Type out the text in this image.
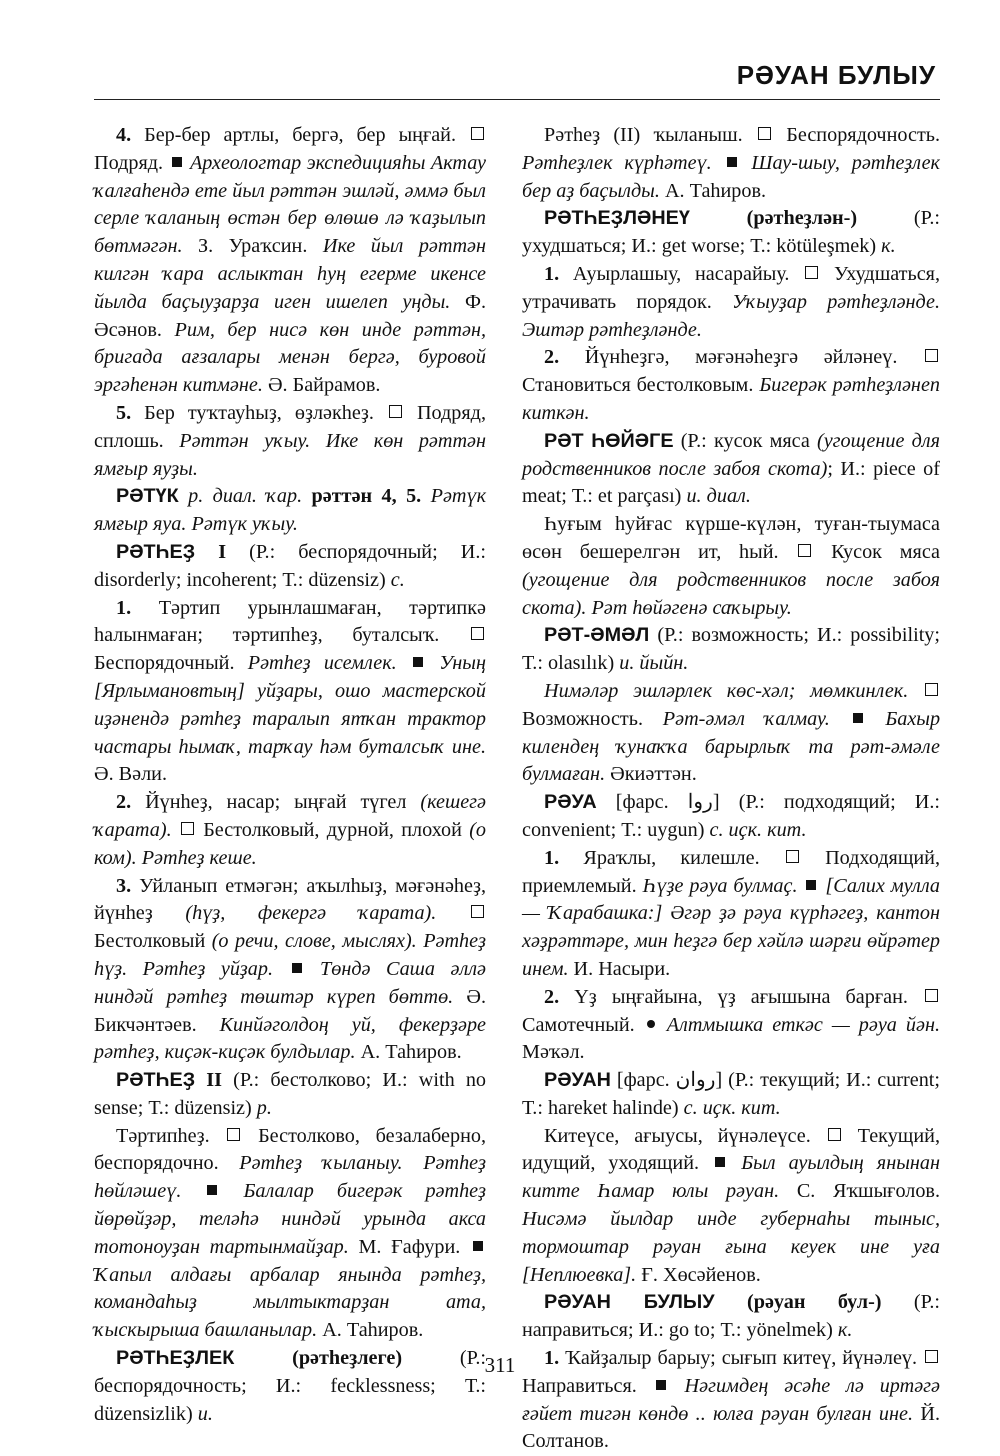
РӘУАН БУЛЫУ

4. Бер-бер артлы, бергә, бер ыңғай.  Подряд. Археологтар экспедицияһы Актау ҡалғаһендә ете йыл рәттән эшләй, әммә был серле ҡаланың өстән бер өлөшө лә ҡаҙылып бөтмәгән. З. Ураҡсин. Ике йыл рәттән килгән ҡара аслыктан һуң егерме икенсе йылда баҫыуҙарҙа иген ишелеп уңды. Ф. Әсәнов. Рим, бер нисә көн инде рәттән, бригада ағзалары менән бергә, буровой эргәһенән китмәне. Ә. Байрамов.

5. Бер туҡтауһыҙ, өҙләкһеҙ. Подряд, сплошь. Рәттән уҡыу. Ике көн рәттән ямғыр яуҙы.

РӘТҮК р. диал. ҡар. рәттән 4, 5. Рәтүк ямғыр яуа. Рәтүк уҡыу.

РӘТҺЕҘ I (Р.: беспорядочный; И.: disorderly; incoherent; Т.: düzensiz) c.

1. Тәртип урынлашмаған, тәртипкә һалынмаған; тәртипһеҙ, буталсыҡ.  Беспорядочный. Рәтһеҙ исемлек. Уның [Ярлымановтың] уйҙары, ошо мастерской иҙәнендә рәтһеҙ таралып ятҡан трактор частары һымаҡ, тарҡау һәм буталсыҡ ине. Ә. Вәли.

2. Йүнһеҙ, насар; ыңғай түгел (кешегә ҡарата). Бестолковый, дурной, плохой (о ком). Рәтһеҙ кеше.

3. Уйланып етмәгән; аҡылһыҙ, мәғәнәһеҙ, йүнһеҙ (һүҙ, фекергә ҡарата).  Бестолковый (о речи, слове, мыслях). Рәтһеҙ һүҙ. Рәтһеҙ уйҙар. Төндә Саша әллә ниндәй рәтһеҙ төштәр күреп бөттө. Ә. Бикчәнтәев. Кинйәголдоң уй, фекерҙәре рәтһеҙ, киҫәк-киҫәк булдылар. А. Таһиров.

РӘТҺЕҘ II (Р.: бестолково; И.: with no sense; Т.: düzensiz) р.

Тәртипһеҙ. Бестолково, безалаберно, беспорядочно. Рәтһеҙ ҡыланыу. Рәтһеҙ һөйләшеү.	Балалар бигерәк рәтһеҙ йөрөйҙәр, теләһә ниндәй урында акса тотоноуҙан тартынмайҙар. М. Ғафури.  Ҡапыл алдағы арбалар янында рәтһеҙ, командаһыҙ мылтыктарҙан ата, ҡыскырыша башланылар. А. Таһиров.

РӘТҺЕҘЛЕК	(рәтһеҙлеге)	(Р.: беспорядочность; И.: fecklessness; Т.: düzensizlik) и.

Рәтһеҙ (II) ҡыланыш. Беспорядочность. Рәтһеҙлек күрһәтеү. Шау-шыу, рәтһеҙлек бер аҙ баҫылды. А. Таһиров.

РӘТҺЕҘЛӘНЕҮ	(рәтһеҙлән-)	(Р.: ухудшаться; И.: get worse; Т.: kötüleşmek) к.

1. Ауырлашыу, насарайыу. Ухудшаться, утрачивать порядок. Уҡыуҙар рәтһеҙләнде. Эштәр рәтһеҙләнде.

2. Йүнһеҙгә, мәғәнәһеҙгә әйләнеү.  Становиться бестолковым. Бигерәк рәтһеҙләнеп киткән.

РӘТ ҺӨЙӘГЕ (Р.: кусок мяса (угощение для родственников после забоя скота); И.: piece of meat; Т.: et parçası) и. диал.

Һуғым һуйғас күрше-күлән, туған-тыумаса өсөн бешерелгән ит, һый.	Кусок мяса (угощение для родственников после забоя скота). Рәт һөйәгенә саҡырыу.

РӘТ-ӘМӘЛ (Р.: возможность; И.: possibility; Т.: olasılık) и. йыйн.

Нимәләр эшләрлек көс-хәл; мөмкинлек.  Возможность. Рәт-әмәл ҡалмау.	Бахыр килендең ҡунаҡҡа барырлыҡ та рәт-әмәле булмаған. Әкиәттән.

РӘУА [фарс. روا] (Р.: подходящий; И.: convenient; Т.: uygun) с. иҫк. кит.

1. Яраҡлы, килешле.	Подходящий, приемлемый. Һүҙе рәуа булмаҫ. [Салих мулла — Ҡарабашка:] Әгәр ҙә рәуа күрһәгеҙ, кантон хәҙрәттәре, мин һеҙгә бер хәйлә шәрғи өйрәтер инем. И. Насыри.

2. Үҙ ыңғайына, үҙ ағышына барған.  Самотечный. Алтмышка еткәс — рәуа йән. Мәҡәл.

РӘУАН [фарс. روان] (Р.: текущий; И.: current; Т.: hareket halinde) с. иҫк. кит.

Китеүсе, ағыусы, йүнәлеүсе. Текущий, идущий, уходящий. Был ауылдың янынан китте Һамар юлы рәуан. С. Яҡшығолов. Нисәмә йылдар инде губернаһы тыныс, тормоштар рәуан ғына кеуек ине уға [Неплюевка]. Ғ. Хөсәйенов.

РӘУАН БУЛЫУ (рәуан бул-) (Р.: направиться; И.: go to; Т.: yönelmek) к.

1. Ҡайҙалыр барыу; сығып китеү, йүнәлеү.  Направиться. Нәгимдең әсәһе лә иртәгә ғәйет тигән көндө .. юлға рәуан булған ине. Й. Солтанов.

311
